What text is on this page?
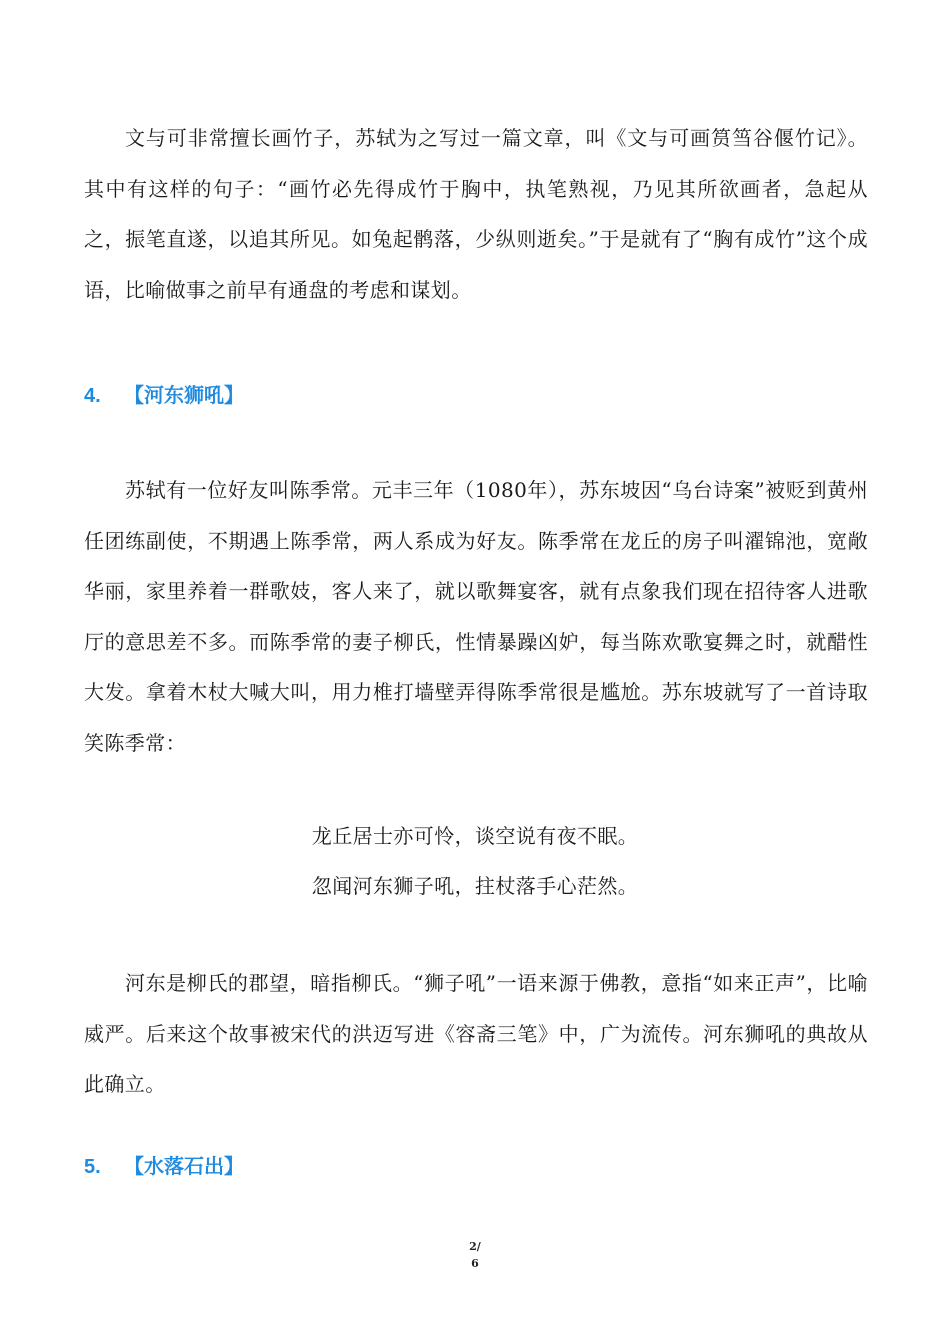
文与可非常擅长画竹子，苏轼为之写过一篇文章，叫《文与可画筼筜谷偃竹记》。其中有这样的句子：“画竹必先得成竹于胸中，执笔熟视，乃见其所欲画者，急起从之，振笔直遂，以追其所见。如兔起鹘落，少纵则逝矣。”于是就有了“胸有成竹”这个成语，比喻做事之前早有通盘的考虑和谋划。

4. 【河东狮吼】

苏轼有一位好友叫陈季常。元丰三年（1080年），苏东坡因“乌台诗案”被贬到黄州任团练副使，不期遇上陈季常，两人系成为好友。陈季常在龙丘的房子叫濯锦池，宽敞华丽，家里养着一群歌妓，客人来了，就以歌舞宴客，就有点象我们现在招待客人进歌厅的意思差不多。而陈季常的妻子柳氏，性情暴躁凶妒，每当陈欢歌宴舞之时，就醋性大发。拿着木杖大喊大叫，用力椎打墙壁弄得陈季常很是尴尬。苏东坡就写了一首诗取笑陈季常：

龙丘居士亦可怜，谈空说有夜不眠。

忽闻河东狮子吼，拄杖落手心茫然。

河东是柳氏的郡望，暗指柳氏。“狮子吼”一语来源于佛教，意指“如来正声”，比喻威严。后来这个故事被宋代的洪迈写进《容斋三笔》中，广为流传。河东狮吼的典故从此确立。

5. 【水落石出】
2/
6
